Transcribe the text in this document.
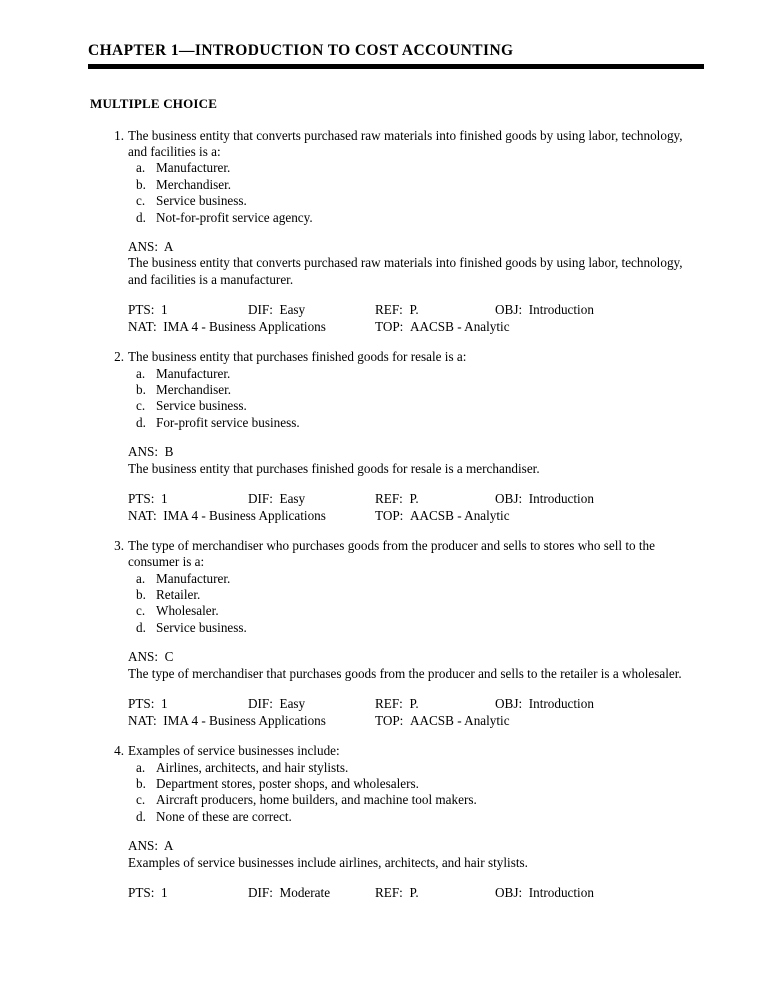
CHAPTER 1—INTRODUCTION TO COST ACCOUNTING
MULTIPLE CHOICE
1. The business entity that converts purchased raw materials into finished goods by using labor, technology, and facilities is a:
a. Manufacturer.
b. Merchandiser.
c. Service business.
d. Not-for-profit service agency.
ANS:  A
The business entity that converts purchased raw materials into finished goods by using labor, technology, and facilities is a manufacturer.
PTS: 1	DIF: Easy	REF: P.	OBJ: Introduction
NAT: IMA 4 - Business Applications	TOP: AACSB - Analytic
2. The business entity that purchases finished goods for resale is a:
a. Manufacturer.
b. Merchandiser.
c. Service business.
d. For-profit service business.
ANS:  B
The business entity that purchases finished goods for resale is a merchandiser.
PTS: 1	DIF: Easy	REF: P.	OBJ: Introduction
NAT: IMA 4 - Business Applications	TOP: AACSB - Analytic
3. The type of merchandiser who purchases goods from the producer and sells to stores who sell to the consumer is a:
a. Manufacturer.
b. Retailer.
c. Wholesaler.
d. Service business.
ANS:  C
The type of merchandiser that purchases goods from the producer and sells to the retailer is a wholesaler.
PTS: 1	DIF: Easy	REF: P.	OBJ: Introduction
NAT: IMA 4 - Business Applications	TOP: AACSB - Analytic
4. Examples of service businesses include:
a. Airlines, architects, and hair stylists.
b. Department stores, poster shops, and wholesalers.
c. Aircraft producers, home builders, and machine tool makers.
d. None of these are correct.
ANS:  A
Examples of service businesses include airlines, architects, and hair stylists.
PTS: 1	DIF: Moderate	REF: P.	OBJ: Introduction
